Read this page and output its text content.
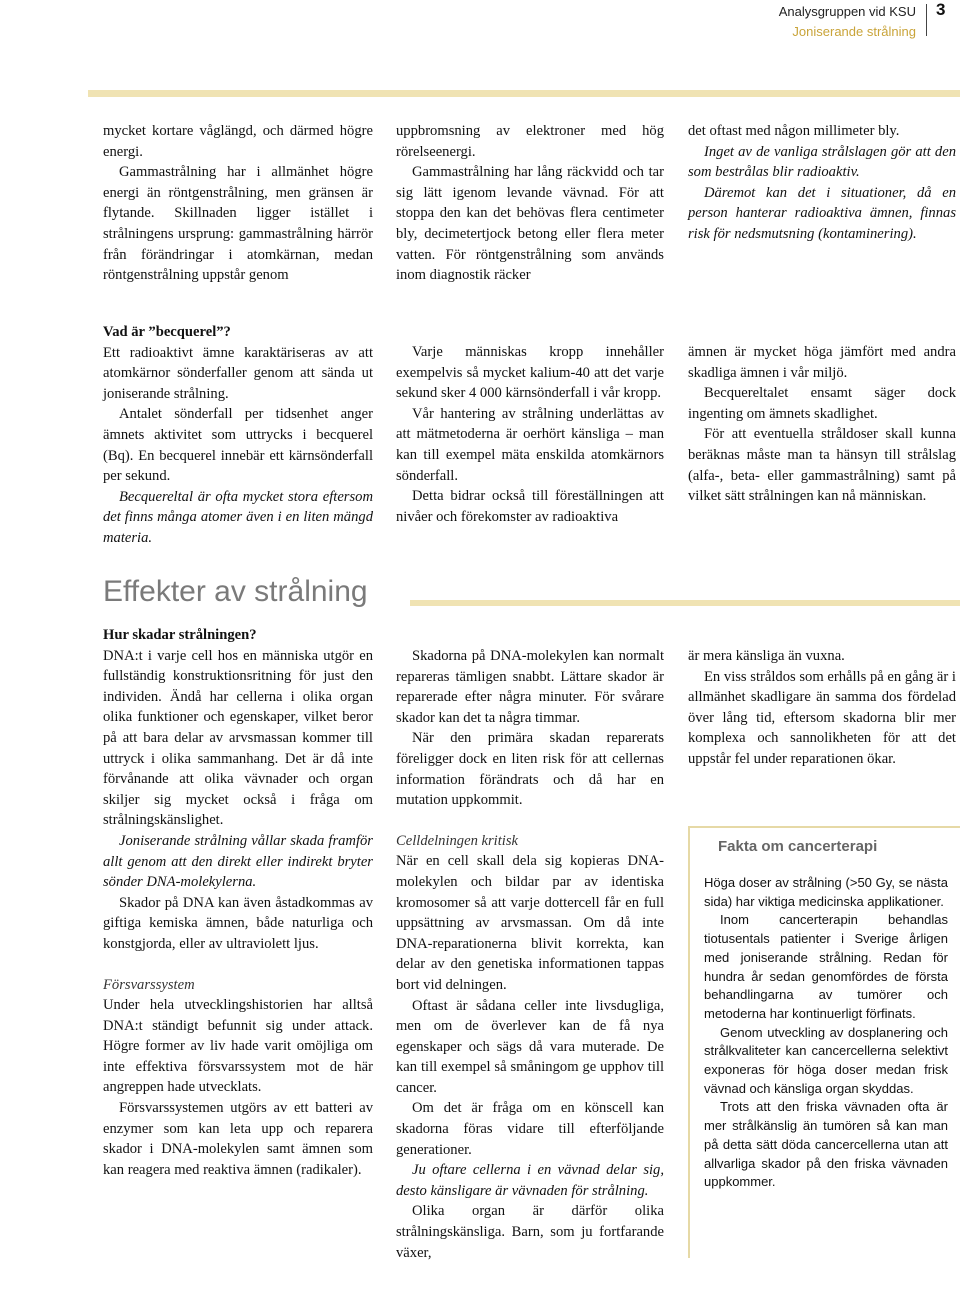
Analysgruppen vid KSU
Joniserande strålning
3

mycket kortare våglängd, och därmed högre energi.

Gammastrålning har i allmänhet högre energi än röntgenstrålning, men gränsen är flytande. Skillnaden ligger istället i strålningens ursprung: gammastrålning härrör från förändringar i atomkärnan, medan röntgenstrålning uppstår genom

uppbromsning av elektroner med hög rörelseenergi.

Gammastrålning har lång räckvidd och tar sig lätt igenom levande vävnad. För att stoppa den kan det behövas flera centimeter bly, decimetertjock betong eller flera meter vatten. För röntgenstrålning som används inom diagnostik räcker

det oftast med någon millimeter bly.

Inget av de vanliga strålslagen gör att den som bestrålas blir radioaktiv.

Däremot kan det i situationer, då en person hanterar radioaktiva ämnen, finnas risk för nedsmutsning (kontaminering).

Vad är ”becquerel”?

Ett radioaktivt ämne karaktäriseras av att atomkärnor sönderfaller genom att sända ut joniserande strålning.

Antalet sönderfall per tidsenhet anger ämnets aktivitet som uttrycks i becquerel (Bq). En becquerel innebär ett kärnsönderfall per sekund.

Becquereltal är ofta mycket stora eftersom det finns många atomer även i en liten mängd materia.

Varje människas kropp innehåller exempelvis så mycket kalium-40 att det varje sekund sker 4 000 kärnsönderfall i vår kropp.

Vår hantering av strålning underlättas av att mätmetoderna är oerhört känsliga – man kan till exempel mäta enskilda atomkärnors sönderfall.

Detta bidrar också till föreställningen att nivåer och förekomster av radioaktiva

ämnen är mycket höga jämfört med andra skadliga ämnen i vår miljö.

Becquereltalet ensamt säger dock ingenting om ämnets skadlighet.

För att eventuella stråldoser skall kunna beräknas måste man ta hänsyn till strålslag (alfa-, beta- eller gammastrålning) samt på vilket sätt strålningen kan nå människan.

Effekter av strålning

Hur skadar strålningen?

DNA:t i varje cell hos en människa utgör en fullständig konstruktionsritning för just den individen. Ändå har cellerna i olika organ olika funktioner och egenskaper, vilket beror på att bara delar av arvsmassan kommer till uttryck i olika sammanhang. Det är då inte förvånande att olika vävnader och organ skiljer sig mycket också i fråga om strålningskänslighet.

Joniserande strålning vållar skada framför allt genom att den direkt eller indirekt bryter sönder DNA-molekylerna.

Skador på DNA kan även åstadkommas av giftiga kemiska ämnen, både naturliga och konstgjorda, eller av ultraviolett ljus.

Försvarssystem

Under hela utvecklingshistorien har alltså DNA:t ständigt befunnit sig under attack. Högre former av liv hade varit omöjliga om inte effektiva försvarssystem mot de här angreppen hade utvecklats.

Försvarssystemen utgörs av ett batteri av enzymer som kan leta upp och reparera skador i DNA-molekylen samt ämnen som kan reagera med reaktiva ämnen (radikaler).

Skadorna på DNA-molekylen kan normalt repareras tämligen snabbt. Lättare skador är reparerade efter några minuter. För svårare skador kan det ta några timmar.

När den primära skadan reparerats föreligger dock en liten risk för att cellernas information förändrats och då har en mutation uppkommit.

Celldelningen kritisk

När en cell skall dela sig kopieras DNA-molekylen och bildar par av identiska kromosomer så att varje dottercell får en full uppsättning av arvsmassan. Om då inte DNA-reparationerna blivit korrekta, kan delar av den genetiska informationen tappas bort vid delningen.

Oftast är sådana celler inte livsdugliga, men om de överlever kan de få nya egenskaper och sägs då vara muterade. De kan till exempel så småningom ge upphov till cancer.

Om det är fråga om en könscell kan skadorna föras vidare till efterföljande generationer.

Ju oftare cellerna i en vävnad delar sig, desto känsligare är vävnaden för strålning.

Olika organ är därför olika strålningskänsliga. Barn, som ju fortfarande växer,

är mera känsliga än vuxna.

En viss stråldos som erhålls på en gång är i allmänhet skadligare än samma dos fördelad över lång tid, eftersom skadorna blir mer komplexa och sannolikheten för att det uppstår fel under reparationen ökar.

Fakta om cancerterapi

Höga doser av strålning (>50 Gy, se nästa sida) har viktiga medicinska applikationer.

Inom cancerterapin behandlas tiotusentals patienter i Sverige årligen med joniserande strålning. Redan för hundra år sedan genomfördes de första behandlingarna av tumörer och metoderna har kontinuerligt förfinats.

Genom utveckling av dosplanering och strålkvaliteter kan cancercellerna selektivt exponeras för höga doser medan frisk vävnad och känsliga organ skyddas.

Trots att den friska vävnaden ofta är mer strålkänslig än tumören så kan man på detta sätt döda cancercellerna utan att allvarliga skador på den friska vävnaden uppkommer.
